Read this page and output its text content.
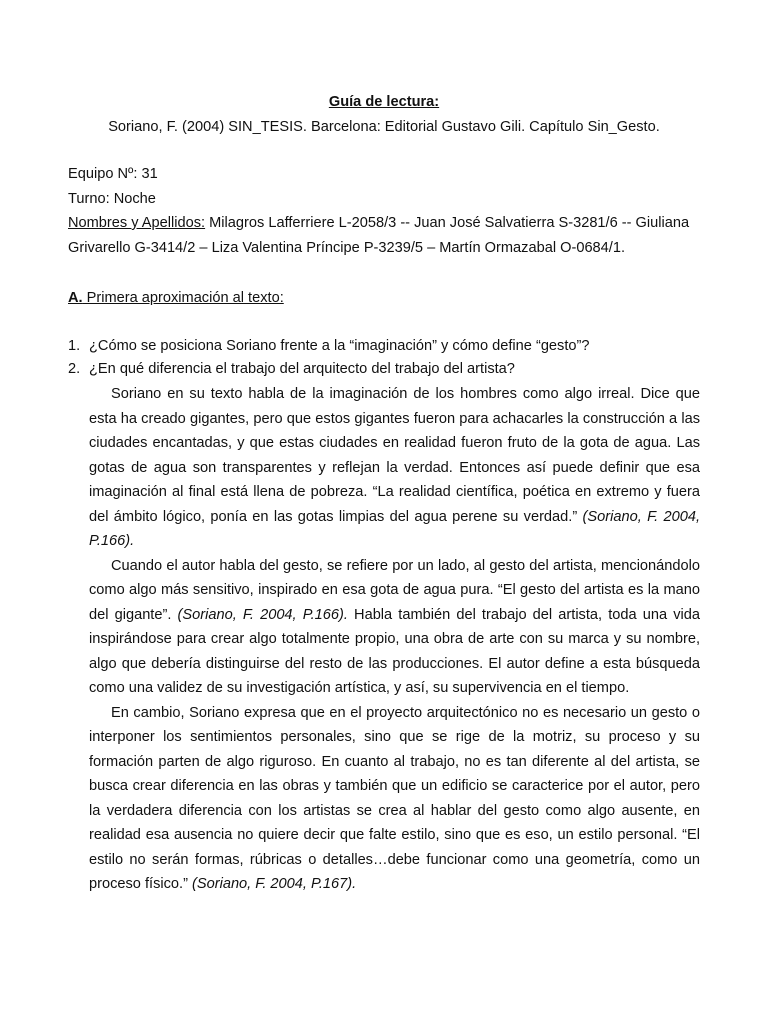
Guía de lectura:
Soriano, F. (2004) SIN_TESIS. Barcelona: Editorial Gustavo Gili. Capítulo Sin_Gesto.
Equipo Nº: 31
Turno: Noche
Nombres y Apellidos: Milagros Lafferriere L-2058/3 -- Juan José Salvatierra S-3281/6 -- Giuliana
Grivarello G-3414/2 – Liza Valentina Príncipe P-3239/5 – Martín Ormazabal O-0684/1.
A. Primera aproximación al texto:
1. ¿Cómo se posiciona Soriano frente a la “imaginación” y cómo define “gesto”?
2. ¿En qué diferencia el trabajo del arquitecto del trabajo del artista?

Soriano en su texto habla de la imaginación de los hombres como algo irreal. Dice que esta ha creado gigantes, pero que estos gigantes fueron para achacarles la construcción a las ciudades encantadas, y que estas ciudades en realidad fueron fruto de la gota de agua. Las gotas de agua son transparentes y reflejan la verdad. Entonces así puede definir que esa imaginación al final está llena de pobreza. “La realidad científica, poética en extremo y fuera del ámbito lógico, ponía en las gotas limpias del agua perene su verdad.” (Soriano, F. 2004, P.166).

Cuando el autor habla del gesto, se refiere por un lado, al gesto del artista, mencionándolo como algo más sensitivo, inspirado en esa gota de agua pura. “El gesto del artista es la mano del gigante”. (Soriano, F. 2004, P.166). Habla también del trabajo del artista, toda una vida inspirándose para crear algo totalmente propio, una obra de arte con su marca y su nombre, algo que debería distinguirse del resto de las producciones. El autor define a esta búsqueda como una validez de su investigación artística, y así, su supervivencia en el tiempo.

En cambio, Soriano expresa que en el proyecto arquitectónico no es necesario un gesto o interponer los sentimientos personales, sino que se rige de la motriz, su proceso y su formación parten de algo riguroso. En cuanto al trabajo, no es tan diferente al del artista, se busca crear diferencia en las obras y también que un edificio se caracterice por el autor, pero la verdadera diferencia con los artistas se crea al hablar del gesto como algo ausente, en realidad esa ausencia no quiere decir que falte estilo, sino que es eso, un estilo personal. “El estilo no serán formas, rúbricas o detalles…debe funcionar como una geometría, como un proceso físico.” (Soriano, F. 2004, P.167).
